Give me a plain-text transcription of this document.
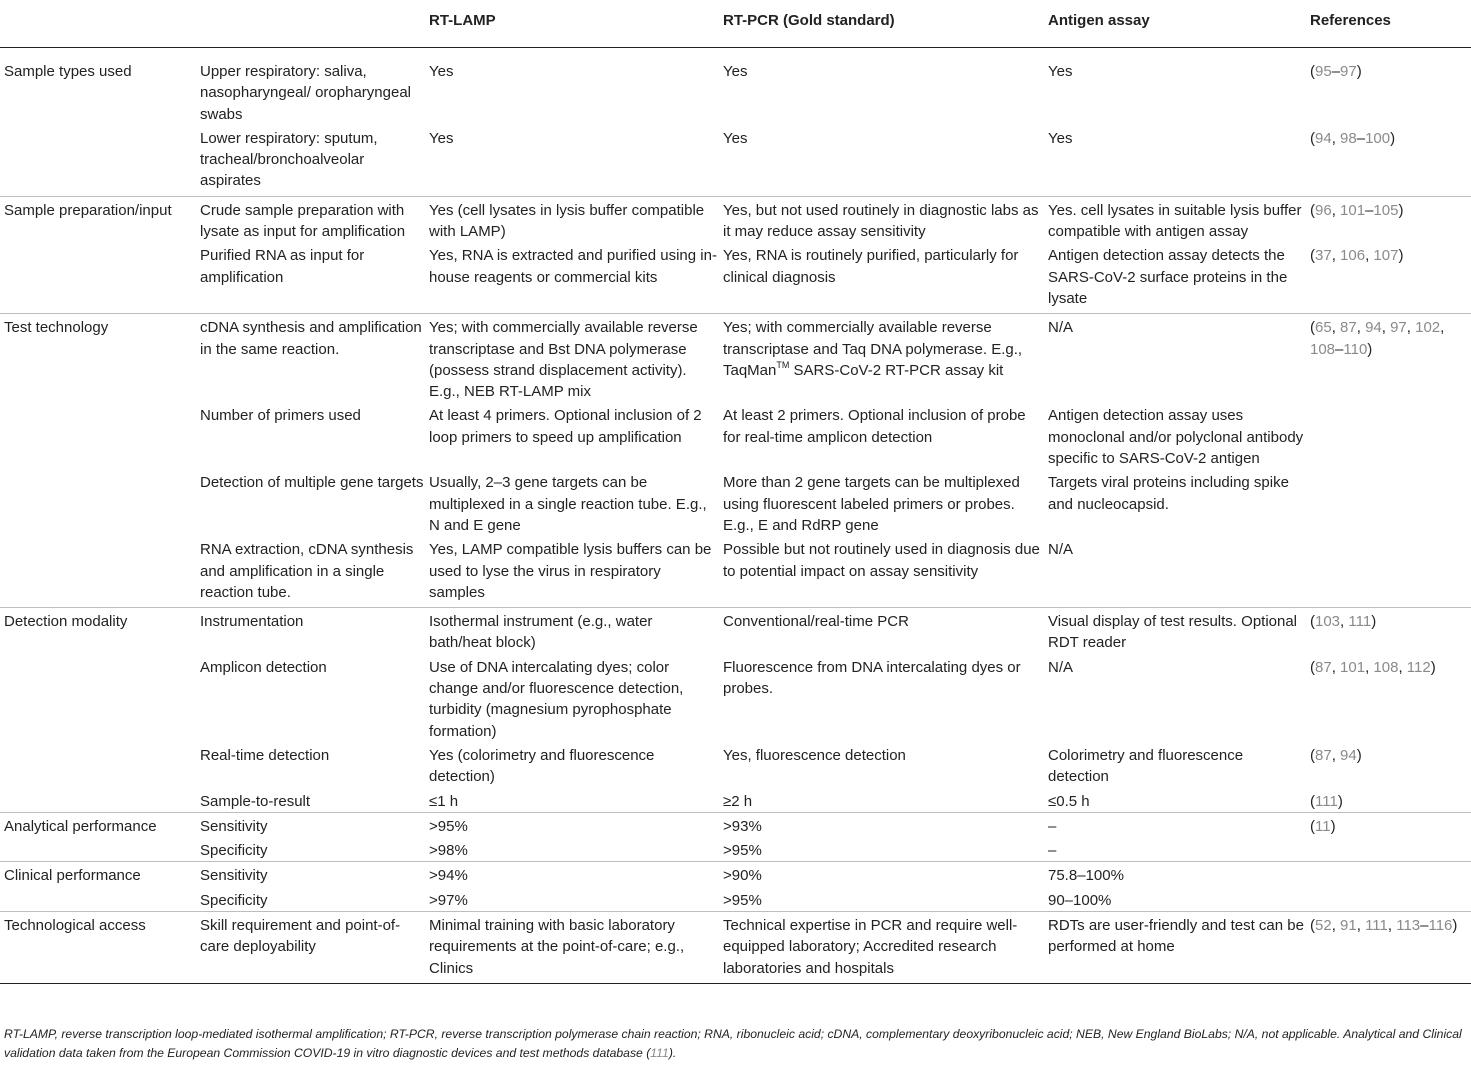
		RT-LAMP	RT-PCR (Gold standard)	Antigen assay	References
Sample types used	Upper respiratory: saliva, nasopharyngeal/ oropharyngeal swabs	Yes	Yes	Yes	(95–97)
	Lower respiratory: sputum, tracheal/bronchoalveolar aspirates	Yes	Yes	Yes	(94, 98–100)
Sample preparation/input	Crude sample preparation with lysate as input for amplification	Yes (cell lysates in lysis buffer compatible with LAMP)	Yes, but not used routinely in diagnostic labs as it may reduce assay sensitivity	Yes. cell lysates in suitable lysis buffer compatible with antigen assay	(96, 101–105)
	Purified RNA as input for amplification	Yes, RNA is extracted and purified using in-house reagents or commercial kits	Yes, RNA is routinely purified, particularly for clinical diagnosis	Antigen detection assay detects the SARS-CoV-2 surface proteins in the lysate	(37, 106, 107)
Test technology	cDNA synthesis and amplification in the same reaction.	Yes; with commercially available reverse transcriptase and Bst DNA polymerase (possess strand displacement activity). E.g., NEB RT-LAMP mix	Yes; with commercially available reverse transcriptase and Taq DNA polymerase. E.g., TaqMan™ SARS-CoV-2 RT-PCR assay kit	N/A	(65, 87, 94, 97, 102, 108–110)
	Number of primers used	At least 4 primers. Optional inclusion of 2 loop primers to speed up amplification	At least 2 primers. Optional inclusion of probe for real-time amplicon detection	Antigen detection assay uses monoclonal and/or polyclonal antibody specific to SARS-CoV-2 antigen	
	Detection of multiple gene targets	Usually, 2–3 gene targets can be multiplexed in a single reaction tube. E.g., N and E gene	More than 2 gene targets can be multiplexed using fluorescent labeled primers or probes. E.g., E and RdRP gene	Targets viral proteins including spike and nucleocapsid.	
	RNA extraction, cDNA synthesis and amplification in a single reaction tube.	Yes, LAMP compatible lysis buffers can be used to lyse the virus in respiratory samples	Possible but not routinely used in diagnosis due to potential impact on assay sensitivity	N/A	
Detection modality	Instrumentation	Isothermal instrument (e.g., water bath/heat block)	Conventional/real-time PCR	Visual display of test results. Optional RDT reader	(103, 111)
	Amplicon detection	Use of DNA intercalating dyes; color change and/or fluorescence detection, turbidity (magnesium pyrophosphate formation)	Fluorescence from DNA intercalating dyes or probes.	N/A	(87, 101, 108, 112)
	Real-time detection	Yes (colorimetry and fluorescence detection)	Yes, fluorescence detection	Colorimetry and fluorescence detection	(87, 94)
	Sample-to-result	≤1 h	≥2 h	≤0.5 h	(111)
Analytical performance	Sensitivity	>95%	>93%	–	(11)
	Specificity	>98%	>95%	–	
Clinical performance	Sensitivity	>94%	>90%	75.8–100%	
	Specificity	>97%	>95%	90–100%	
Technological access	Skill requirement and point-of-care deployability	Minimal training with basic laboratory requirements at the point-of-care; e.g., Clinics	Technical expertise in PCR and require well-equipped laboratory; Accredited research laboratories and hospitals	RDTs are user-friendly and test can be performed at home	(52, 91, 111, 113–116)
RT-LAMP, reverse transcription loop-mediated isothermal amplification; RT-PCR, reverse transcription polymerase chain reaction; RNA, ribonucleic acid; cDNA, complementary deoxyribonucleic acid; NEB, New England BioLabs; N/A, not applicable. Analytical and Clinical validation data taken from the European Commission COVID-19 in vitro diagnostic devices and test methods database (111).
